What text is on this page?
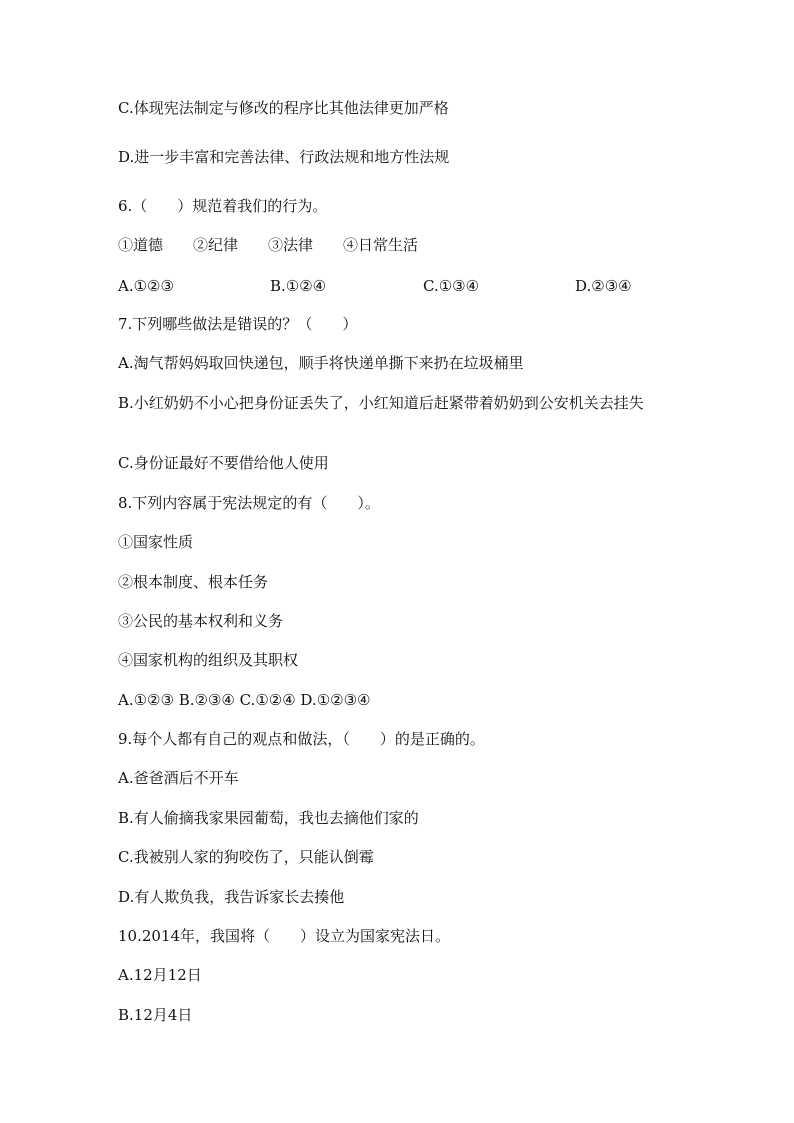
C.体现宪法制定与修改的程序比其他法律更加严格
D.进一步丰富和完善法律、行政法规和地方性法规
6.（　　）规范着我们的行为。
①道德　　②纪律　　③法律　　④日常生活
A.①②③	B.①②④	C.①③④	D.②③④
7.下列哪些做法是错误的？（　　）
A.淘气帮妈妈取回快递包，顺手将快递单撕下来扔在垃圾桶里
B.小红奶奶不小心把身份证丢失了，小红知道后赶紧带着奶奶到公安机关去挂失
C.身份证最好不要借给他人使用
8.下列内容属于宪法规定的有（　　）。
①国家性质
②根本制度、根本任务
③公民的基本权利和义务
④国家机构的组织及其职权
A.①②③ B.②③④ C.①②④ D.①②③④
9.每个人都有自己的观点和做法，（　　）的是正确的。
A.爸爸酒后不开车
B.有人偷摘我家果园葡萄，我也去摘他们家的
C.我被别人家的狗咬伤了，只能认倒霉
D.有人欺负我，我告诉家长去揍他
10.2014年，我国将（　　）设立为国家宪法日。
A.12月12日
B.12月4日
